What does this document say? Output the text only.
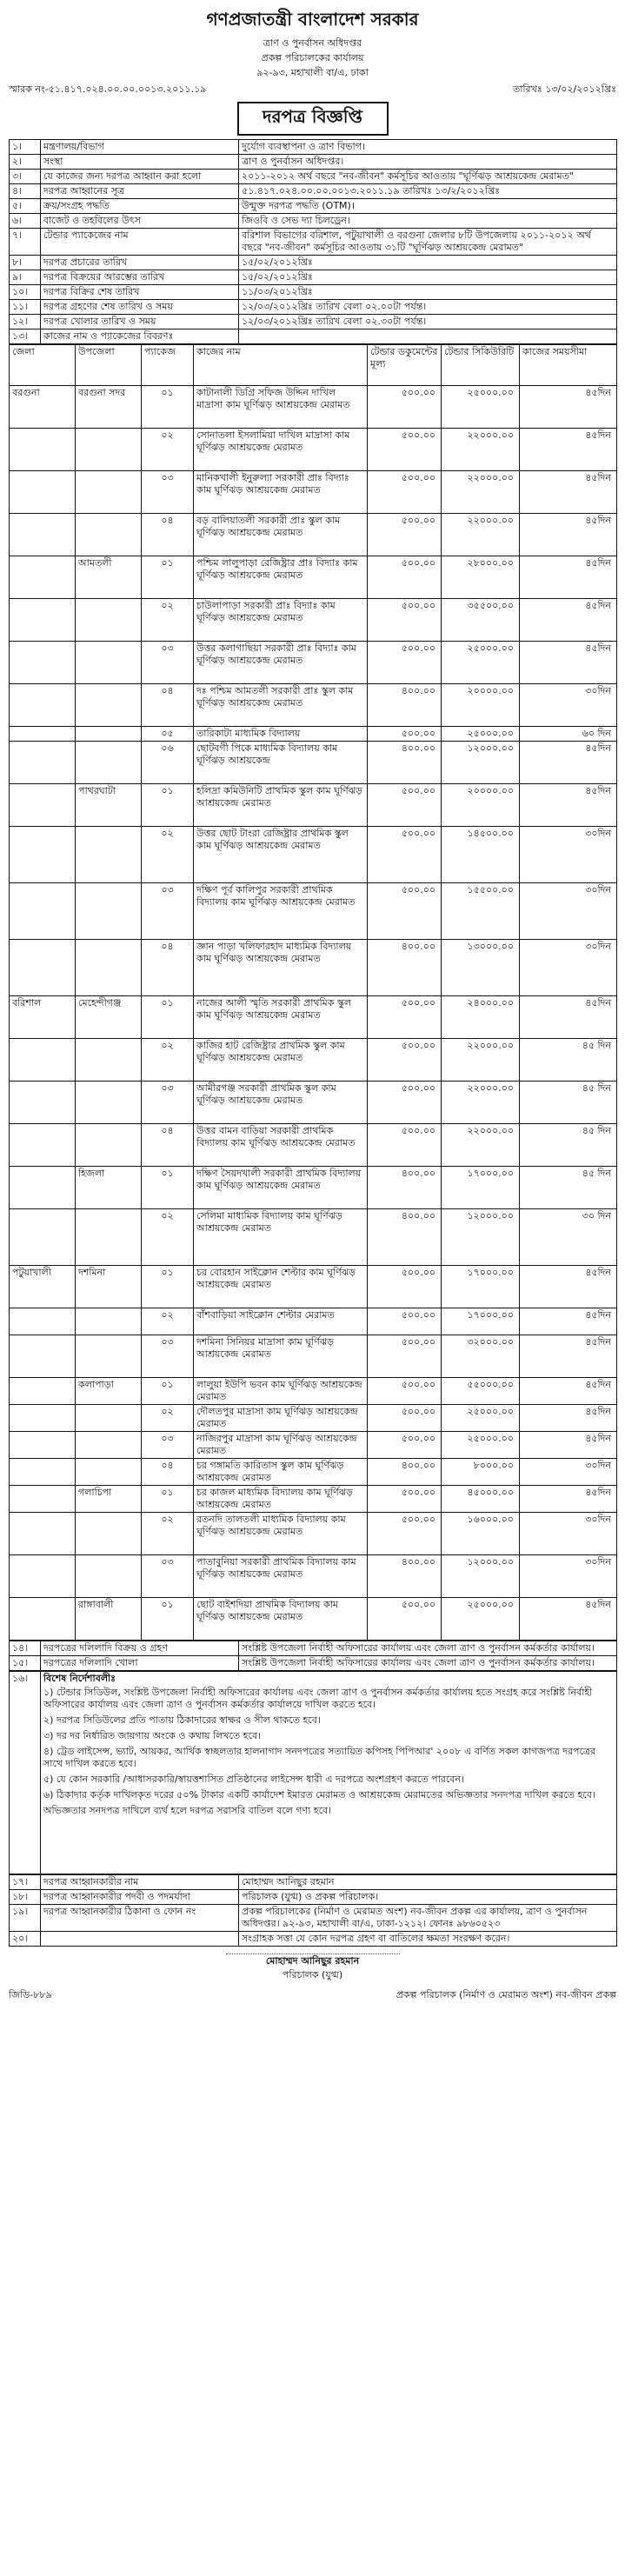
গণপ্রজাতন্ত্রী বাংলাদেশ সরকার
ত্রাণ ও পুনর্বাসন অধিদপ্তর
প্রকল্প পরিচালকের কার্যালয়
৯২-৯৩, মহাখালী বা/এ, ঢাকা
স্মারক নং-৫১.৪১৭.০২৪.০০.০০.০০১৩.২০১১.১৯	তারিখঃ ১৩/০২/২০১২খ্রিঃ
দরপত্র বিজ্ঞপ্তি
১।	মন্ত্রণালয়/বিভাগ	দুর্যোগ ব্যবস্থাপনা ও ত্রাণ বিভাগ।
২।	সংস্থা	ত্রাণ ও পুনর্বাসন অধিদপ্তর।
৩।	যে কাজের জন্য দরপত্র আহ্বান করা হলো	২০১১-২০১২ অর্থ বছরে "নব-জীবন" কর্মসূচির আওতায় "ঘূর্ণিঝড় আশ্রয়কেন্দ্র মেরামত"
৪।	দরপত্র আহ্বানের সূত্র	৫১.৪১৭.০২৪.০০.০০.০০১৩.২০১১.১৯ তারিখঃ ১৩/২/২০১২খ্রিঃ
৫।	ক্রয়/সংগ্রহ পদ্ধতি	উন্মুক্ত দরপত্র পদ্ধতি (OTM)।
৬।	বাজেট ও তহবিলের উৎস	জিওবি ও সেভ দ্যা চিলড্রেন।
৭।	টেন্ডার প্যাকেজের নাম	বরিশাল বিভাগের বরিশাল, পটুয়াখালী ও বরগুনা জেলার ৮টি উপজেলায় ২০১১-২০১২ অর্থ বছরে "নব-জীবন" কর্মসূচির আওতায় ৩১টি "ঘূর্ণিঝড় আশ্রয়কেন্দ্র মেরামত"
৮।	দরপত্র প্রচারের তারিখ	১৫/০২/২০১২খ্রিঃ
৯।	দরপত্র বিক্রয়ের আরম্ভের তারিখ	১৫/০২/২০১২খ্রিঃ
১০।	দরপত্র বিক্রির শেষ তারিখ	১১/০৩/২০১২খ্রিঃ
১১।	দরপত্র গ্রহণের শেষ তারিখ ও সময়	১২/০৩/২০১২খ্রিঃ তারিখ বেলা ০২.০০টা পর্যন্ত।
১২।	দরপত্র খোলার তারিখ ও সময়	১২/০৩/২০১২খ্রিঃ তারিখ বেলা ০২.৩০টা পর্যন্ত।
১৩।	কাজের নাম ও প্যাকেজের বিবরণঃ	
জেলা	উপজেলা	প্যাকেজ	কাজের নাম	টেন্ডার ডকুমেন্টের মূল্য	টেন্ডার সিকিউরিটি	কাজের সময়সীমা
বরগুনা	বরগুনা সদর	০১	কাটানালী ডিগ্রি সফিজ উদ্দিন দাখিল মাদ্রাসা কাম ঘূর্ণিঝড় আশ্রয়কেন্দ্র মেরামত	৫০০.০০	২৫০০০.০০	৪৫দিন
		০২	সোনাতলা ইসলামিয়া দাখিল মাদ্রাসা কাম ঘূর্ণিঝড় আশ্রয়কেন্দ্র মেরামত	৫০০.০০	২২০০০.০০	৪৫দিন
		০৩	মানিকখালী ইনুরুল্যা সরকারী প্রাঃ বিদ্যাঃ কাম ঘূর্ণিঝড় আশ্রয়কেন্দ্র মেরামত	৫০০.০০	২২০০০.০০	৪৫দিন
		০৪	বড় বালিয়াতলী সরকারী প্রাঃ স্কুল কাম ঘূর্ণিঝড় আশ্রয়কেন্দ্র মেরামত	৫০০.০০	২২০০০.০০	৪৫দিন
	আমতলী	০১	পশ্চিম লালুপাড়া রেজিষ্ট্রার প্রাঃ বিদ্যাঃ কাম ঘূর্ণিঝড় আশ্রয়কেন্দ্র মেরামত	৫০০.০০	২৮০০০.০০	৪৫দিন
		০২	চাউলাপাড়া সরকারী প্রাঃ বিদ্যাঃ কাম ঘূর্ণিঝড় আশ্রয়কেন্দ্র মেরামত	৫০০.০০	৩৫৫০০.০০	৪৫দিন
		০৩	উত্তর কলাগাছিয়া সরকারী প্রাঃ বিদ্যাঃ কাম ঘূর্ণিঝড় আশ্রয়কেন্দ্র মেরামত	৫০০.০০	২৫০০০.০০	৪৫দিন
		০৪	দঃ পশ্চিম আমতলী সরকারী প্রাঃ স্কুল কাম ঘূর্ণিঝড় আশ্রয়কেন্দ্র মেরামত	৪০০.০০	২০০০০.০০	৩০দিন
		০৫	তারিকাটা মাধ্যমিক বিদ্যালয়	৫০০.০০	২৫০০০.০০	৬০ দিন
		০৬	ছোটবগী পিকে মাধ্যমিক বিদ্যালয় কাম ঘূর্ণিঝড় আশ্রয়কেন্দ্র	৪০০.০০	১২০০০.০০	৪৫দিন
	পাথরঘাটা	০১	হলিদ্রা কমিউনিটি প্রাথমিক স্কুল কাম ঘূর্ণিঝড় আশ্রয়কেন্দ্র মেরামত	৫০০.০০	২০০০০.০০	৪৫দিন
		০২	উত্তর ছোট টাংরা রেজিষ্ট্রার প্রাথমিক স্কুল কাম ঘূর্ণিঝড় আশ্রয়কেন্দ্র মেরামত	৫০০.০০	১৪৫০০.০০	৩০দিন
		০৩	দক্ষিণ পূর্ব কালিপুর সরকারী প্রাথমিক বিদ্যালয় কাম ঘূর্ণিঝড় আশ্রয়কেন্দ্র মেরামত	৫০০.০০	১৫৫০০.০০	৩০দিন
		০৪	জ্ঞান পাড়া খলিফারহাদ মাধ্যমিক বিদ্যালয় কাম ঘূর্ণিঝড় আশ্রয়কেন্দ্র মেরামত	৪০০.০০	১৩০০০.০০	৩০দিন
বরিশাল	মেহেন্দীগঞ্জ	০১	নাজের আলী স্মৃতি সরকারী প্রাথমিক স্কুল কাম ঘূর্ণিঝড় আশ্রয়কেন্দ্র মেরামত	৫০০.০০	২৪০০০.০০	৪৫দিন
		০২	কাজির হাট রেজিষ্ট্রার প্রাথমিক স্কুল কাম ঘূর্ণিঝড় আশ্রয়কেন্দ্র মেরামত	৫০০.০০	২২০০০.০০	৪৫ দিন
		০৩	আমীরগঞ্জ সরকারী প্রাথমিক স্কুল কাম ঘূর্ণিঝড় আশ্রয়কেন্দ্র মেরামত	৫০০.০০	২২০০০.০০	৪৫ দিন
		০৪	উত্তর বামন বাড়িয়া সরকারী প্রাথমিক বিদ্যালয় কাম ঘূর্ণিঝড় আশ্রয়কেন্দ্র মেরামত	৫০০.০০	২২০০০.০০	৪৫ দিন
	হিজলা	০১	দক্ষিণ সৈয়দখালী সরকারী প্রাথমিক বিদ্যালয় কাম ঘূর্ণিঝড় আশ্রয়কেন্দ্র মেরামত	৪০০.০০	১৭০০০.০০	৪৫ দিন
		০২	সেলিমা মাধ্যমিক বিদ্যালয় কাম ঘূর্ণিঝড় আশ্রয়কেন্দ্র মেরামত	৪০০.০০	১২০০০.০০	৩০ দিন
পটুয়াখালী	দশমিনা	০১	চর বোরহান সাইক্লোন শেল্টার কাম ঘূর্ণিঝড় আশ্রয়কেন্দ্র মেরামত	৫০০.০০	১৭০০০.০০	৪৫দিন
		০২	বাঁশবাড়িয়া সাইক্লোন শেল্টার মেরামত	৫০০.০০	১৭০০০.০০	৪৫দিন
		০৩	দশমিনা সিনিয়র মাদ্রাসা কাম ঘূর্ণিঝড় আশ্রয়কেন্দ্র মেরামত	৫০০.০০	৩২০০০.০০	৪৫দিন
	কলাপাড়া	০১	লালুয়া ইউপি ভবন কাম ঘূর্ণিঝড় আশ্রয়কেন্দ্র মেরামত	৫০০.০০	৫৫০০০.০০	৪৫দিন
		০২	দৌলতপুর মাদ্রাসা কাম ঘূর্ণিঝড় আশ্রয়কেন্দ্র মেরামত	৫০০.০০	২৫০০০.০০	৪৫দিন
		০৩	নাজিরপুর মাদ্রাসা কাম ঘূর্ণিঝড় আশ্রয়কেন্দ্র মেরামত	৫০০.০০	২৫০০০.০০	৪৫দিন
		০৪	চর গঙ্গামতি কারিতাস স্কুল কাম ঘূর্ণিঝড় আশ্রয়কেন্দ্র মেরামত	৪০০.০০	৮০০০.০০	৩০দিন
	গলাচিপা	০১	চর কাজল মাধ্যমিক বিদ্যালয় কাম ঘূর্ণিঝড় আশ্রয়কেন্দ্র মেরামত	৫০০.০০	৪৫০০০.০০	৪৫দিন
		০২	রতনদি তালতলী মাধ্যমিক বিদ্যালয় কাম ঘূর্ণিঝড় আশ্রয়কেন্দ্র মেরামত	৫০০.০০	১৬০০০.০০	৩০দিন
		০৩	পাতাবুনিয়া সরকারী প্রাথমিক বিদ্যালয় কাম ঘূর্ণিঝড় আশ্রয়কেন্দ্র মেরামত	৪০০.০০	১২০০০.০০	৩০দিন
	রাঙ্গাবালী	০১	ছোট বাইশদিয়া প্রাথমিক বিদ্যালয় কাম ঘূর্ণিঝড় আশ্রয়কেন্দ্র মেরামত	৫০০.০০	২৫০০০.০০	৪৫দিন
১৪।	দরপত্রের দলিলাদি বিক্রয় ও গ্রহণ	সংশ্লিষ্ট উপজেলা নির্বাহী অফিসারের কার্যালয় এবং জেলা ত্রাণ ও পুনর্বাসন কর্মকর্তার কার্যালয়।
১৫।	দরপত্রের দলিলাদি খোলা	সংশ্লিষ্ট উপজেলা নির্বাহী অফিসারের কার্যালয় এবং জেলা ত্রাণ ও পুনর্বাসন কর্মকর্তার কার্যালয়।
১৬।	বিশেষ নির্দেশাবলীঃ
১) টেন্ডার সিডিউল, সংশ্লিষ্ট উপজেলা নির্বাহী অফিসারের কার্যালয় এবং জেলা ত্রাণ ও পুনর্বাসন কর্মকর্তার কার্যালয় হতে সংগ্রহ করে সংশ্লিষ্ট নির্বাহী অফিসারের কার্যালয় এবং জেলা ত্রাণ ও পুনর্বাসন কর্মকর্তার কার্যালয়ে দাখিল করতে হবে।
২) দরপত্র সিডিউলের প্রতি পাতায় ঠিকাদারের স্বাক্ষর ও সীল থাকতে হবে।
৩) দর দর নির্ধারিত জায়গায় অংকে ও কথায় লিখতে হবে।
৪) ট্রেড লাইসেন্স, ভ্যাট, আয়কর, আর্থিক স্বচ্ছলতার হালনাগাদ সনদপত্রের সত্যায়িত কপিসহ পিপিআর' ২০০৮ এ বর্ণিত সকল কাগজপত্র দরপত্রের সাথে দাখিল করতে হবে।
৫) যে কোন সরকারি /আধাসরকারি/স্বায়ত্তশাসিত প্রতিষ্ঠানের লাইসেন্স ধারী এ দরপত্রে অংশগ্রহণ করতে পারবেন।
৬) ঠিকাদার কর্তৃক দাখিলকৃত দরের ৫০% টাকার একটি কার্যাদেশ ইমারত মেরামত ও আশ্রয়কেন্দ্র মেরামতের অভিজ্ঞতার সনদপত্র দাখিল করতে হবে।
অভিজ্ঞতার সনদপত্র দাখিলে ব্যর্থ হলে দরপত্র সরাসরি বাতিল বলে গণ্য হবে।
১৭।	দরপত্র আহ্বানকারীর নাম	মোহাম্মদ আনিছুর রহমান
১৮।	দরপত্র আহ্বানকারীর পদবী ও পদমর্যাদা	পরিচালক (যুগ্ম) ও প্রকল্প পরিচালক।
১৯।	দরপত্র আহ্বানকারীর ঠিকানা ও ফোন নং	প্রকল্প পরিচালকের (নির্মাণ ও মেরামত অংশ) নব-জীবন প্রকল্প এর কার্যালয়, ত্রাণ ও পুনর্বাসন অধিদপ্তর। ৯২-৯৩, মহাখালী বা/এ, ঢাকা-১২১২। ফোনঃ ৯৮৬০৫২৩
২০।		সংগ্রাহক সত্তা যে কোন দরপত্র গ্রহণ বা বাতিলের ক্ষমতা সংরক্ষণ করেন।
মোহাম্মদ আনিছুর রহমান
পরিচালক (যুগ্ম)
জিডি-৮৮৯	প্রকল্প পরিচালক (নির্মাণ ও মেরামত অংশ) নব-জীবন প্রকল্প
